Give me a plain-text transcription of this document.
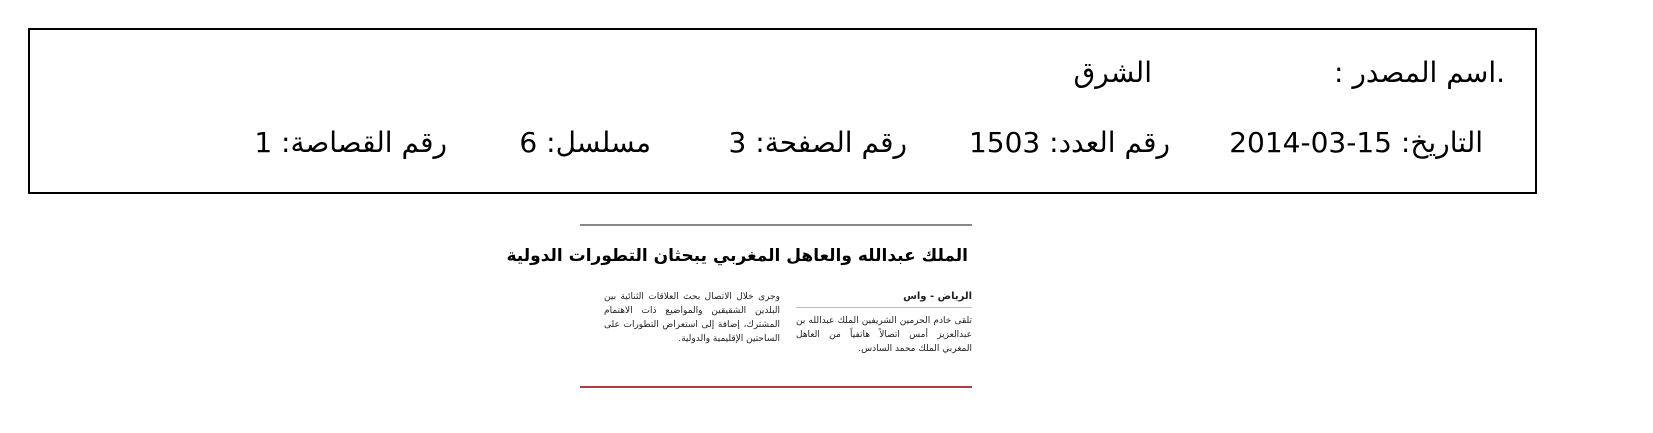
.اسم المصدر :
الشرق
التاريخ: 15-03-2014
رقم العدد: 1503
رقم الصفحة: 3
مسلسل: 6
رقم القصاصة: 1
الملك عبدالله والعاهل المغربي يبحثان التطورات الدولية
الرياض - واس
تلقى خادم الحرمين الشريفين الملك عبدالله بن عبدالعزيز أمس اتصالاً هاتفياً من العاهل المغربي الملك محمد السادس.
وجرى خلال الاتصال بحث العلاقات الثنائية بين البلدين الشقيقين والمواضيع ذات الاهتمام المشترك، إضافة إلى استعراض التطورات على الساحتين الإقليمية والدولية.
